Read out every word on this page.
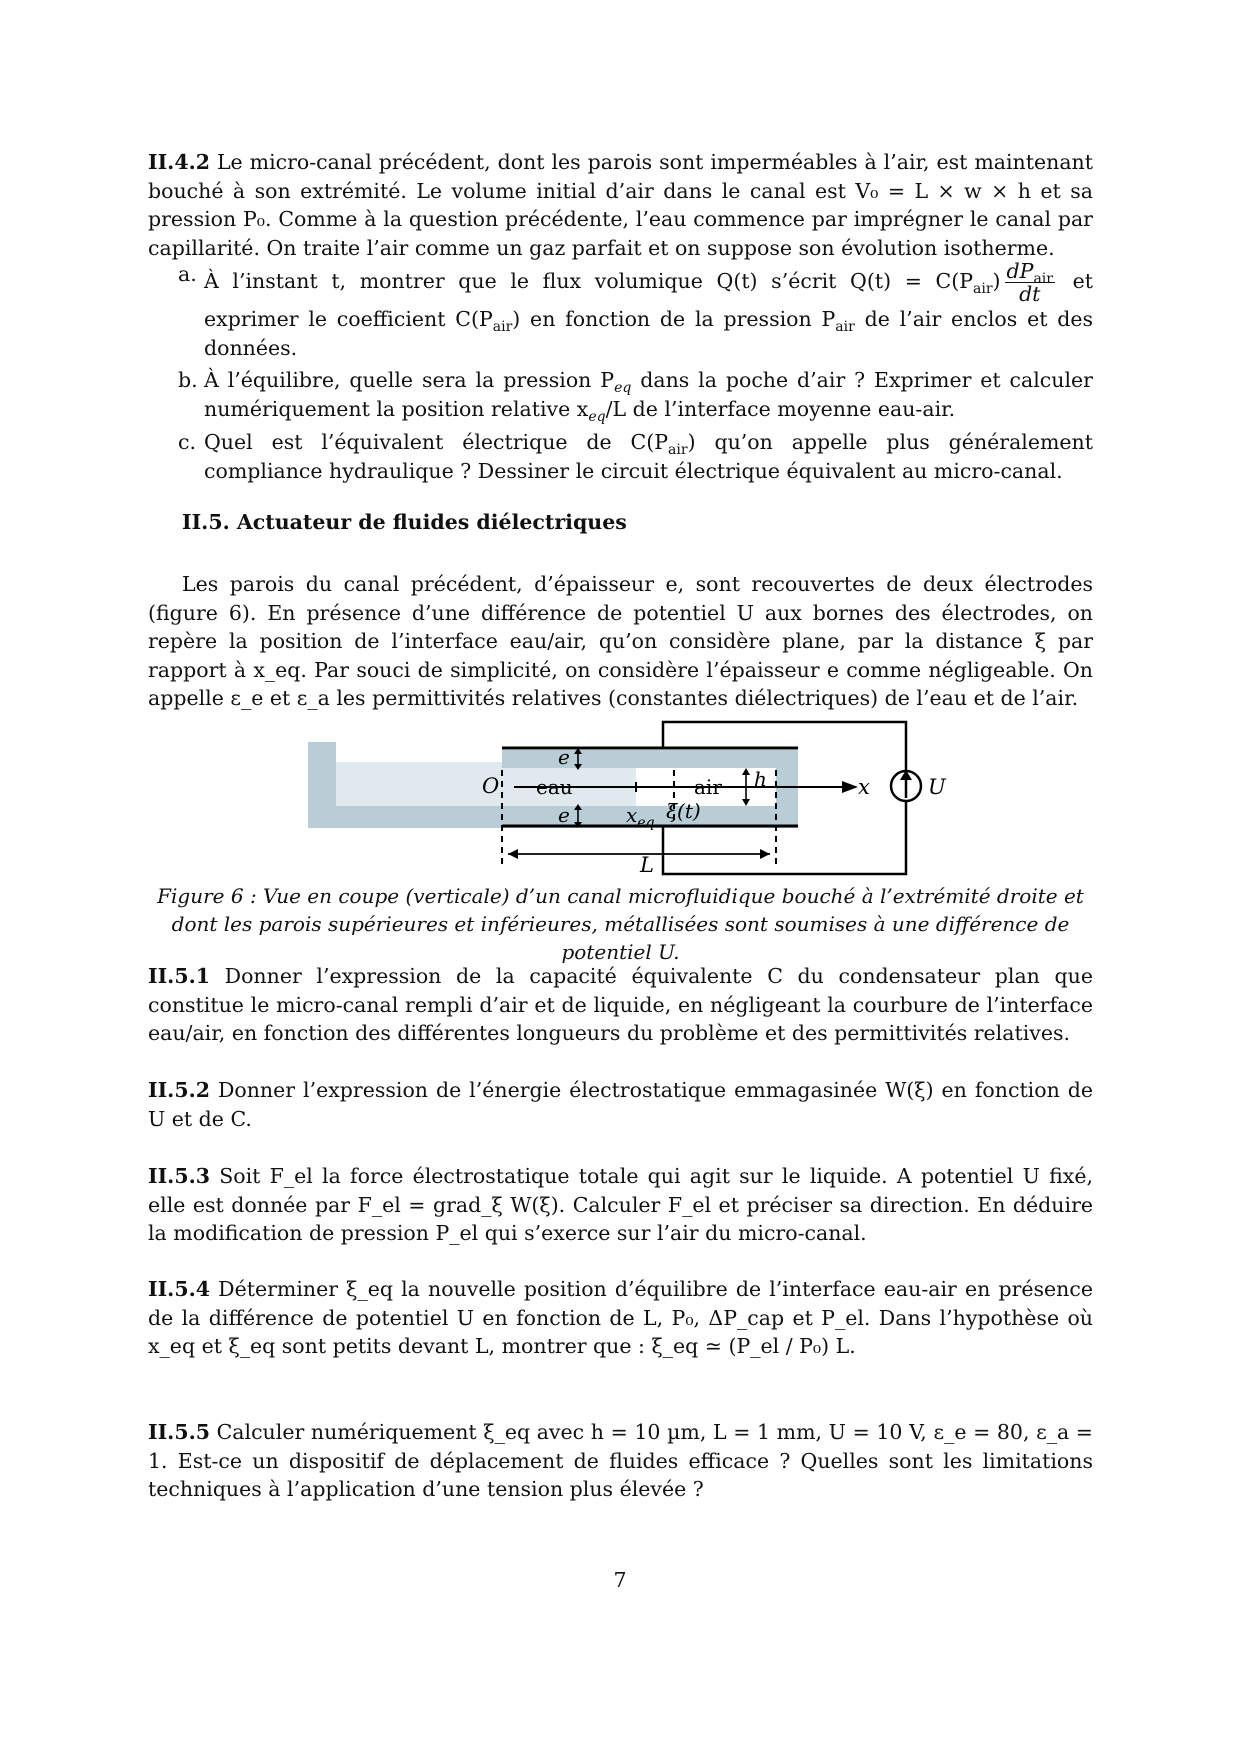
II.4.2 Le micro-canal précédent, dont les parois sont imperméables à l’air, est maintenant bouché à son extrémité. Le volume initial d’air dans le canal est V₀ = L × w × h et sa pression P₀. Comme à la question précédente, l’eau commence par imprégner le canal par capillarité. On traite l’air comme un gaz parfait et on suppose son évolution isotherme.

a. À l’instant t, montrer que le flux volumique Q(t) s’écrit $Q(t) = C(P_{air}) \frac{dP_{air}}{dt}$ et exprimer le coefficient $C(P_{air})$ en fonction de la pression $P_{air}$ de l’air enclos et des données.
b. À l’équilibre, quelle sera la pression $P_{eq}$ dans la poche d’air ? Exprimer et calculer numériquement la position relative $x_{eq}/L$ de l’interface moyenne eau-air.
c. Quel est l’équivalent électrique de $C(P_{air})$ qu’on appelle plus généralement compliance hydraulique ? Dessiner le circuit électrique équivalent au micro-canal.

II.5. Actuateur de fluides diélectriques

Les parois du canal précédent, d’épaisseur e, sont recouvertes de deux électrodes (figure 6). En présence d’une différence de potentiel U aux bornes des électrodes, on repère la position de l’interface eau/air, qu’on considère plane, par la distance ξ par rapport à x_eq. Par souci de simplicité, on considère l’épaisseur e comme négligeable. On appelle ε_e et ε_a les permittivités relatives (constantes diélectriques) de l’eau et de l’air.

e
e
O eau	air h	x	U
$x_{eq}$ ξ(t)
L

Figure 6 : Vue en coupe (verticale) d’un canal microfluidique bouché à l’extrémité droite et dont les parois supérieures et inférieures, métallisées sont soumises à une différence de potentiel U.

II.5.1 Donner l’expression de la capacité équivalente C du condensateur plan que constitue le micro-canal rempli d’air et de liquide, en négligeant la courbure de l’interface eau/air, en fonction des différentes longueurs du problème et des permittivités relatives.

II.5.2 Donner l’expression de l’énergie électrostatique emmagasinée W(ξ) en fonction de U et de C.

II.5.3 Soit F_el la force électrostatique totale qui agit sur le liquide. A potentiel U fixé, elle est donnée par F_el = grad_ξ W(ξ). Calculer F_el et préciser sa direction. En déduire la modification de pression P_el qui s’exerce sur l’air du micro-canal.

II.5.4 Déterminer ξ_eq la nouvelle position d’équilibre de l’interface eau-air en présence de la différence de potentiel U en fonction de L, P₀, ΔP_cap et P_el. Dans l’hypothèse où x_eq et ξ_eq sont petits devant L, montrer que : ξ_eq ≃ (P_el / P₀) L.

II.5.5 Calculer numériquement ξ_eq avec h = 10 µm, L = 1 mm, U = 10 V, ε_e = 80, ε_a = 1. Est-ce un dispositif de déplacement de fluides efficace ? Quelles sont les limitations techniques à l’application d’une tension plus élevée ?

7
